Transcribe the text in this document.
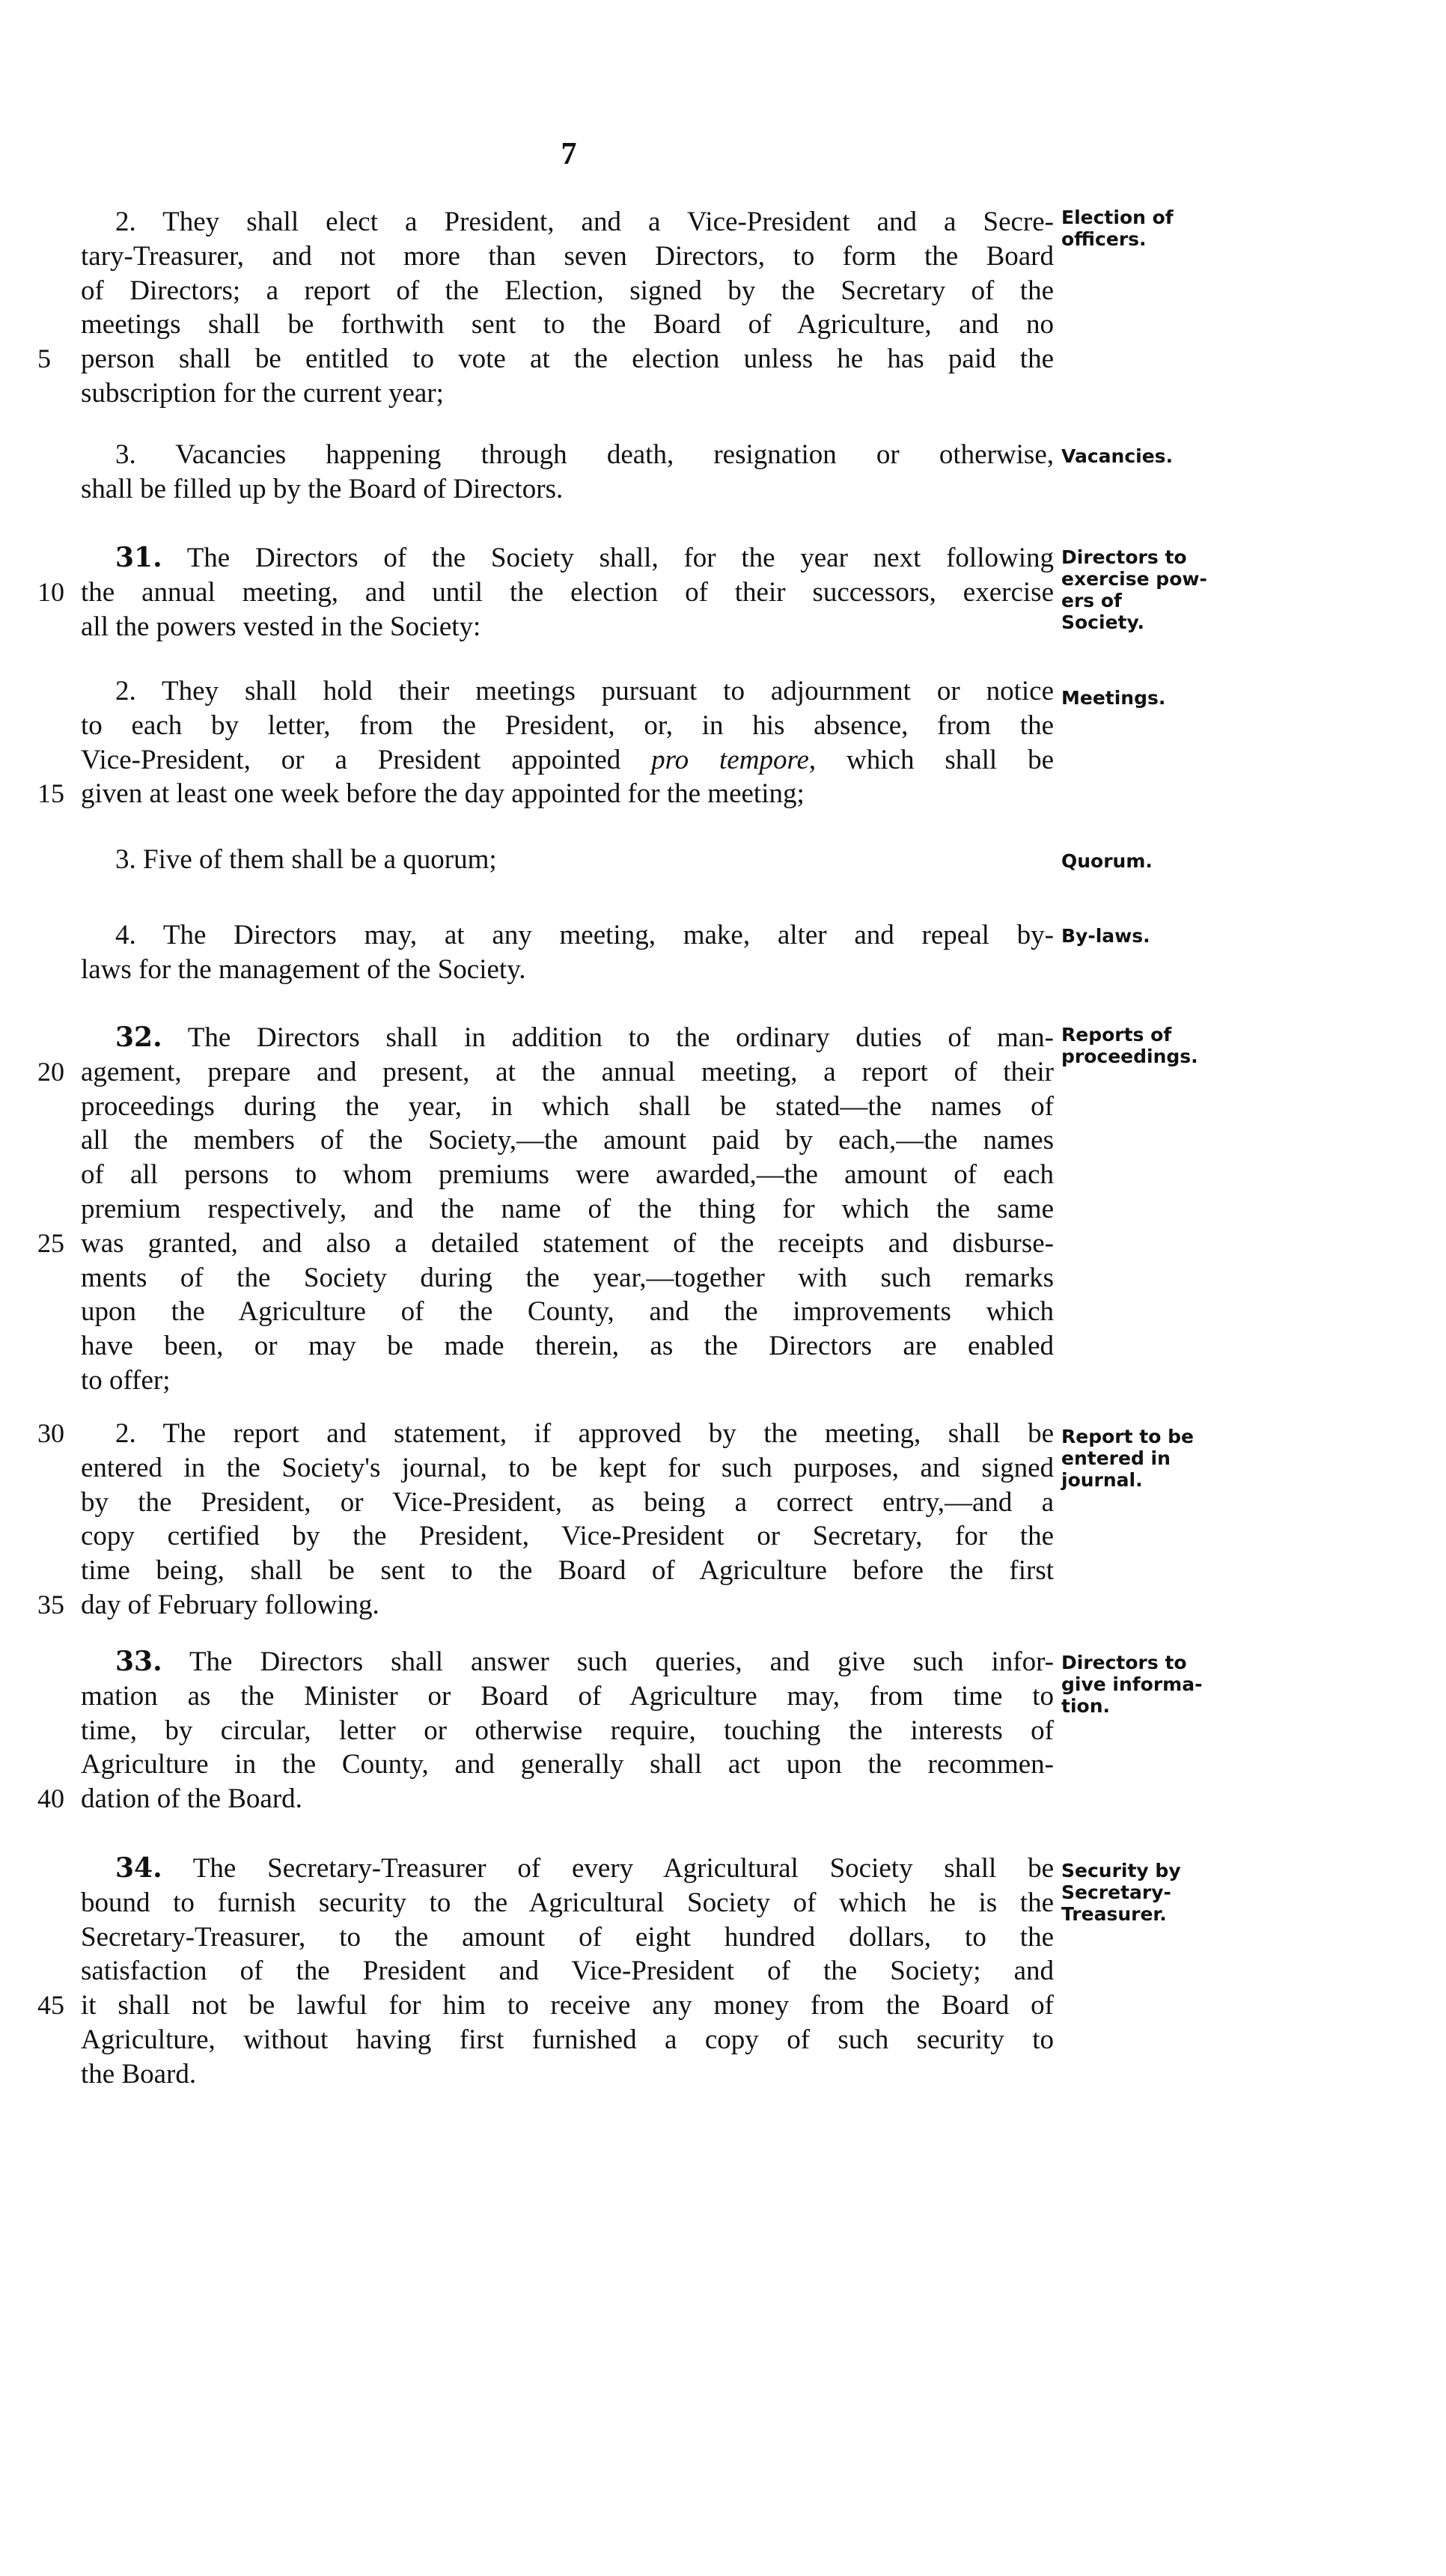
7
2. They shall elect a President, and a Vice-President and a Secre-
tary-Treasurer, and not more than seven Directors, to form the Board
of Directors; a report of the Election, signed by the Secretary of the
meetings shall be forthwith sent to the Board of Agriculture, and no
5	person shall be entitled to vote at the election unless he has paid the
subscription for the current year;
Election of
officers.
3. Vacancies happening through death, resignation or otherwise,
shall be filled up by the Board of Directors.
Vacancies.
31. The Directors of the Society shall, for the year next following
10 the annual meeting, and until the election of their successors, exercise
all the powers vested in the Society:
Directors to
exercise pow-
ers of
Society.
2. They shall hold their meetings pursuant to adjournment or notice
to each by letter, from the President, or, in his absence, from the
Vice-President, or a President appointed pro tempore, which shall be
15 given at least one week before the day appointed for the meeting;
Meetings.
3. Five of them shall be a quorum;	Quorum.
4. The Directors may, at any meeting, make, alter and repeal by-
laws for the management of the Society.
By-laws.
32. The Directors shall in addition to the ordinary duties of man-
20 agement, prepare and present, at the annual meeting, a report of their
proceedings during the year, in which shall be stated—the names of
all the members of the Society,—the amount paid by each,—the names
of all persons to whom premiums were awarded,—the amount of each
premium respectively, and the name of the thing for which the same
25 was granted, and also a detailed statement of the receipts and disburse-
ments of the Society during the year,—together with such remarks
upon the Agriculture of the County, and the improvements which
have been, or may be made therein, as the Directors are enabled
to offer;
Reports of
proceedings.
30	2. The report and statement, if approved by the meeting, shall be
entered in the Society's journal, to be kept for such purposes, and signed
by the President, or Vice-President, as being a correct entry,—and a
copy certified by the President, Vice-President or Secretary, for the
time being, shall be sent to the Board of Agriculture before the first
35 day of February following.
Report to be
entered in
journal.
33. The Directors shall answer such queries, and give such infor-
mation as the Minister or Board of Agriculture may, from time to
time, by circular, letter or otherwise require, touching the interests of
Agriculture in the County, and generally shall act upon the recommen-
40 dation of the Board.
Directors to
give informa-
tion.
34. The Secretary-Treasurer of every Agricultural Society shall be
bound to furnish security to the Agricultural Society of which he is the
Secretary-Treasurer, to the amount of eight hundred dollars, to the
satisfaction of the President and Vice-President of the Society; and
45 it shall not be lawful for him to receive any money from the Board of
Agriculture, without having first furnished a copy of such security to
the Board.
Security by
Secretary-
Treasurer.
